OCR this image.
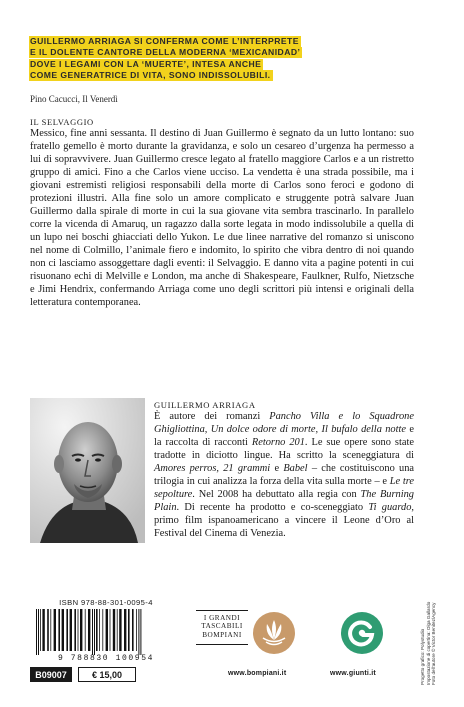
GUILLERMO ARRIAGA SI CONFERMA COME L’INTERPRETE
E IL DOLENTE CANTORE DELLA MODERNA ‘MEXICANIDAD’
DOVE I LEGAMI CON LA ‘MUERTE’, INTESA ANCHE
COME GENERATRICE DI VITA, SONO INDISSOLUBILI.
Pino Cacucci, Il Venerdì
IL SELVAGGIO

Messico, fine anni sessanta. Il destino di Juan Guillermo è segnato da un lutto lontano: suo fratello gemello è morto durante la gravidanza, e solo un cesareo d’urgenza ha permesso a lui di sopravvivere. Juan Guillermo cresce legato al fratello maggiore Carlos e a un ristretto gruppo di amici. Fino a che Carlos viene ucciso. La vendetta è una strada possibile, ma i giovani estremisti religiosi responsabili della morte di Carlos sono feroci e godono di protezioni illustri. Alla fine solo un amore complicato e struggente potrà salvare Juan Guillermo dalla spirale di morte in cui la sua giovane vita sembra trascinarlo. In parallelo corre la vicenda di Amaruq, un ragazzo dalla sorte legata in modo indissolubile a quella di un lupo nei boschi ghiacciati dello Yukon. Le due linee narrative del romanzo si uniscono nel nome di Colmillo, l’animale fiero e indomito, lo spirito che vibra dentro di noi quando non ci lasciamo assoggettare dagli eventi: il Selvaggio. E danno vita a pagine potenti in cui risuonano echi di Melville e London, ma anche di Shakespeare, Faulkner, Rulfo, Nietzsche e Jimi Hendrix, confermando Arriaga come uno degli scrittori più intensi e originali della letteratura contemporanea.

GUILLERMO ARRIAGA

È autore dei romanzi Pancho Villa e lo Squadrone Ghigliottina, Un dolce odore di morte, Il bufalo della notte e la raccolta di racconti Retorno 201. Le sue opere sono state tradotte in diciotto lingue. Ha scritto la sceneggiatura di Amores perros, 21 grammi e Babel – che costituiscono una trilogia in cui analizza la forza della vita sulla morte – e Le tre sepolture. Nel 2008 ha debuttato alla regia con The Burning Plain. Di recente ha prodotto e co-sceneggiato Ti guardo, primo film ispanoamericano a vincere il Leone d’Oro al Festival del Cinema di Venezia.

ISBN 978-88-301-0095-4
9 788830 100954
B09007	€ 15,00
I GRANDI
TASCABILI
BOMPIANI
www.bompiani.it	www.giunti.it	Progetto grafico: Polystudio Impostazione di copertina: Olga Gallardo Foto dell’autore © Victor Benitez/Agency
